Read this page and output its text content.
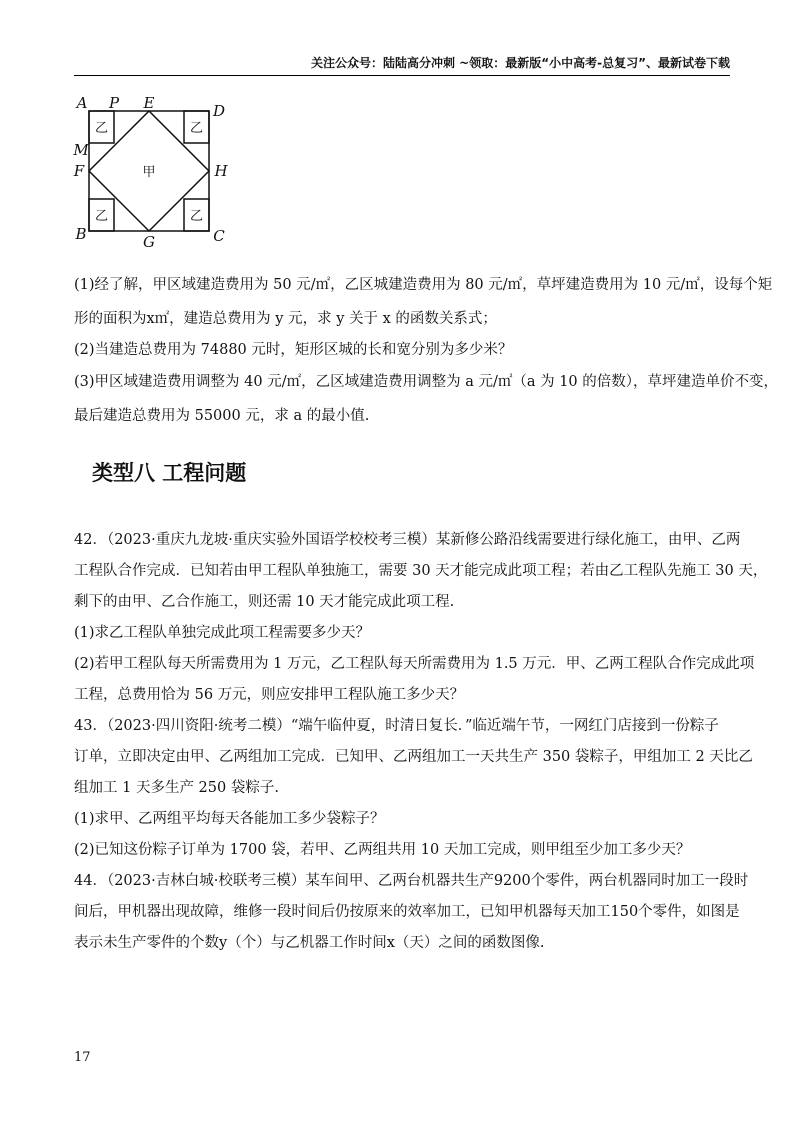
关注公众号：陆陆高分冲刺 ~领取：最新版“小中高考-总复习”、最新试卷下载
A P E	D
M
F	H
B	G	C
甲
乙	乙
乙	乙
(1)经了解，甲区域建造费用为 50 元/㎡，乙区城建造费用为 80 元/㎡，草坪建造费用为 10 元/㎡，设每个矩
形的面积为x㎡，建造总费用为 y 元，求 y 关于 x 的函数关系式；
(2)当建造总费用为 74880 元时，矩形区城的长和宽分别为多少米？
(3)甲区域建造费用调整为 40 元/㎡，乙区域建造费用调整为 a 元/㎡（a 为 10 的倍数），草坪建造单价不变，
最后建造总费用为 55000 元，求 a 的最小值.
类型八 工程问题
42．（2023·重庆九龙坡·重庆实验外国语学校校考三模）某新修公路沿线需要进行绿化施工，由甲、乙两
工程队合作完成．已知若由甲工程队单独施工，需要 30 天才能完成此项工程；若由乙工程队先施工 30 天，
剩下的由甲、乙合作施工，则还需 10 天才能完成此项工程.
(1)求乙工程队单独完成此项工程需要多少天？
(2)若甲工程队每天所需费用为 1 万元，乙工程队每天所需费用为 1.5 万元．甲、乙两工程队合作完成此项
工程，总费用恰为 56 万元，则应安排甲工程队施工多少天？
43．（2023·四川资阳·统考二模）“端午临仲夏，时清日复长．”临近端午节，一网红门店接到一份粽子
订单，立即决定由甲、乙两组加工完成．已知甲、乙两组加工一天共生产 350 袋粽子，甲组加工 2 天比乙
组加工 1 天多生产 250 袋粽子.
(1)求甲、乙两组平均每天各能加工多少袋粽子？
(2)已知这份粽子订单为 1700 袋，若甲、乙两组共用 10 天加工完成，则甲组至少加工多少天？
44．（2023·吉林白城·校联考三模）某车间甲、乙两台机器共生产9200个零件，两台机器同时加工一段时
间后，甲机器出现故障，维修一段时间后仍按原来的效率加工，已知甲机器每天加工150个零件，如图是
表示未生产零件的个数y（个）与乙机器工作时间x（天）之间的函数图像.
17
